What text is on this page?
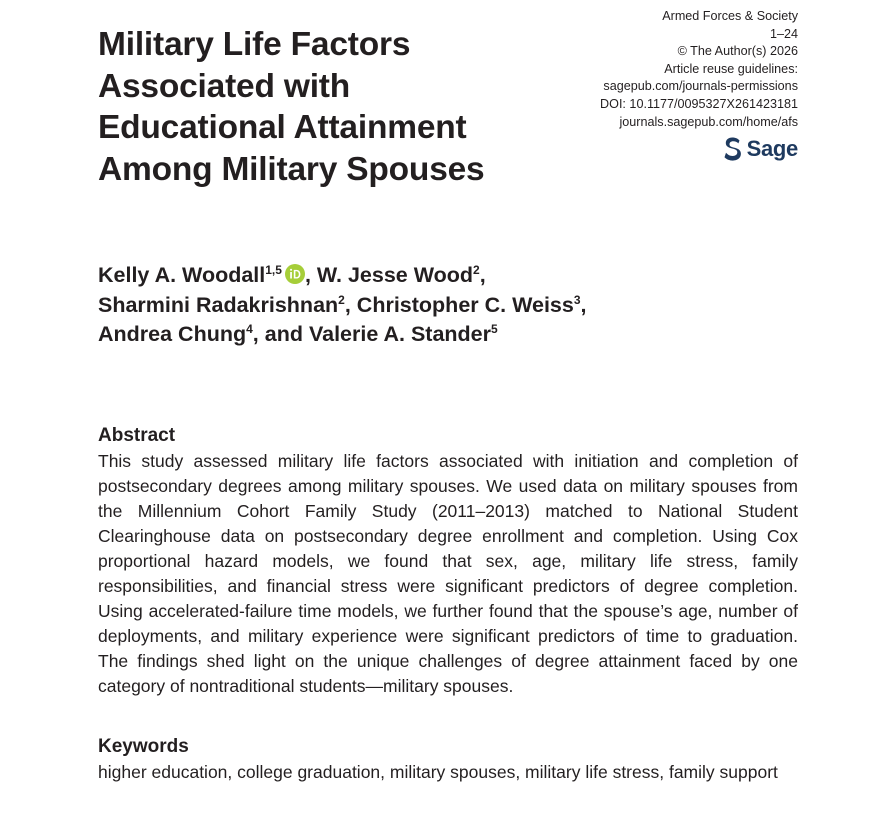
Military Life Factors
Associated with
Educational Attainment
Among Military Spouses
Armed Forces & Society
1–24
© The Author(s) 2026
Article reuse guidelines:
sagepub.com/journals-permissions
DOI: 10.1177/0095327X261423181
journals.sagepub.com/home/afs
Sage
Kelly A. Woodall$^{1,5}$ , W. Jesse Wood$^2$,
Sharmini Radakrishnan$^2$, Christopher C. Weiss$^3$,
Andrea Chung$^4$, and Valerie A. Stander$^5$
Abstract

This study assessed military life factors associated with initiation and completion of postsecondary degrees among military spouses. We used data on military spouses from the Millennium Cohort Family Study (2011–2013) matched to National Student Clearinghouse data on postsecondary degree enrollment and completion. Using Cox proportional hazard models, we found that sex, age, military life stress, family responsibilities, and financial stress were significant predictors of degree completion. Using accelerated-failure time models, we further found that the spouse’s age, number of deployments, and military experience were significant predictors of time to graduation. The findings shed light on the unique challenges of degree attainment faced by one category of nontraditional students—military spouses.

Keywords

higher education, college graduation, military spouses, military life stress, family support
